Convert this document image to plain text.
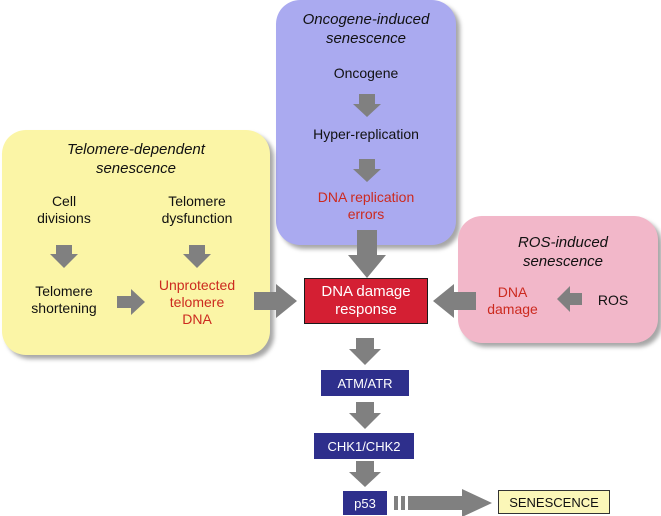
Oncogene-induced
senescence
Oncogene
Hyper-replication
DNA replication
errors
Telomere-dependent
senescence
Cell
divisions
Telomere
dysfunction
Telomere
shortening
Unprotected
telomere
DNA
ROS-induced
senescence
DNA
damage
ROS
DNA damage
response
ATM/ATR
CHK1/CHK2
p53	SENESCENCE
